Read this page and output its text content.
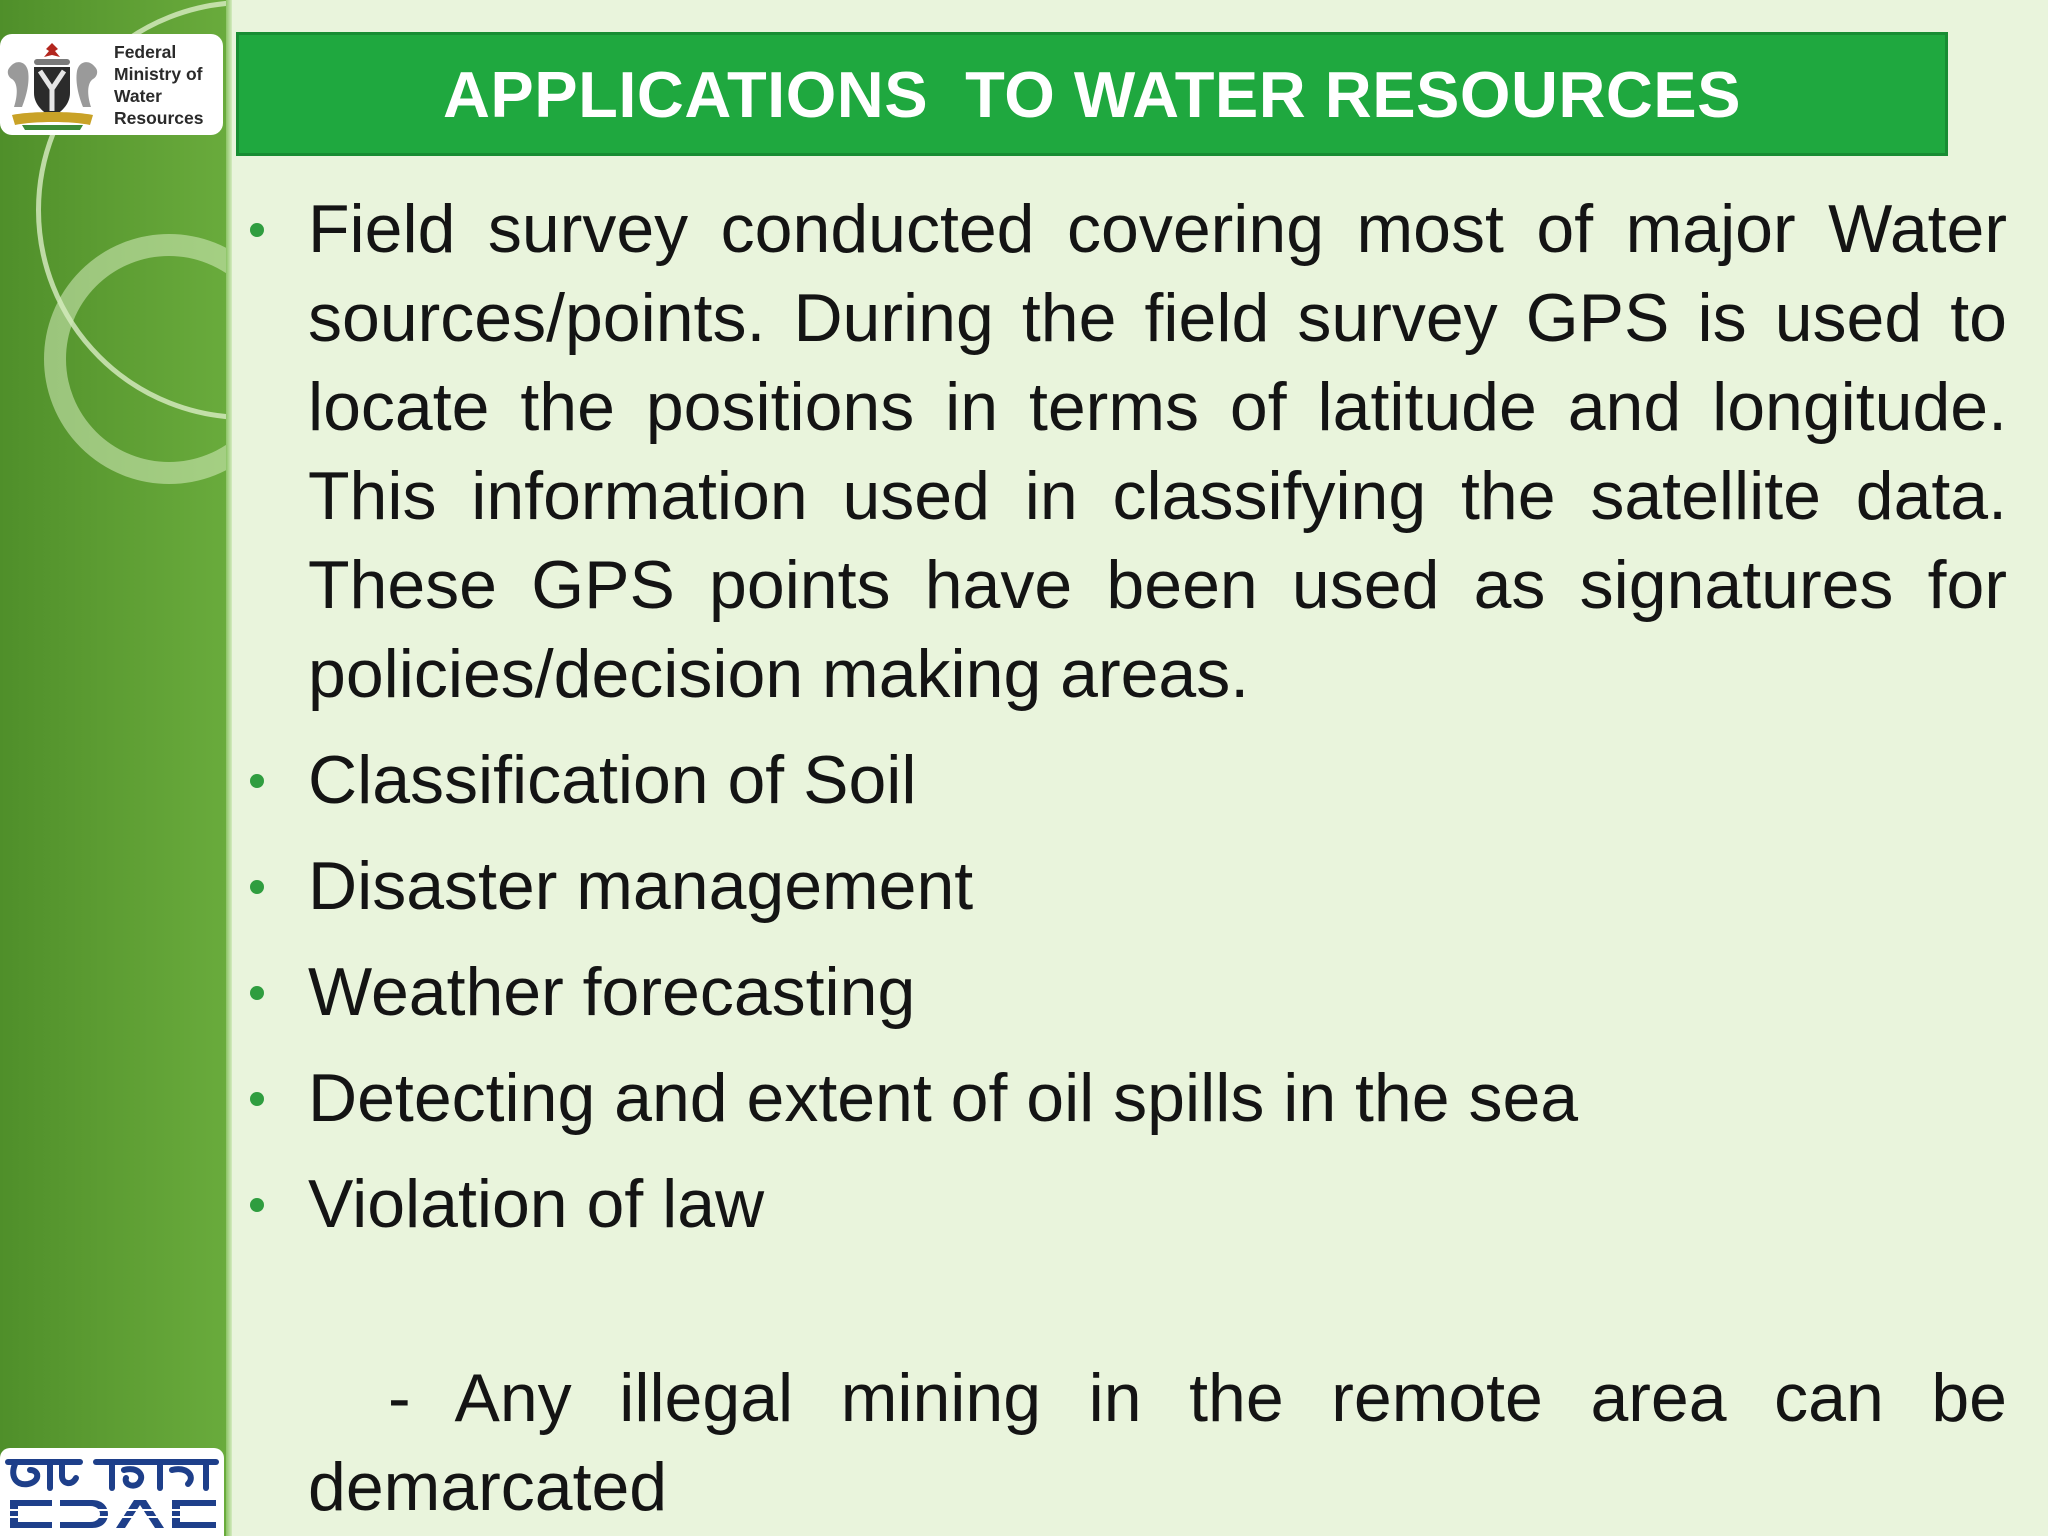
Federal
Ministry of
Water
Resources	APPLICATIONS  TO WATER RESOURCES
Field survey conducted covering most of major Water sources/points. During the field survey GPS is used to locate the positions in terms of latitude and longitude. This information used in classifying the satellite data. These GPS points have been used as signatures for policies/decision making areas.
Classification of Soil
Disaster management
Weather forecasting
Detecting and extent of oil spills in the sea
Violation of law

- Any illegal mining in the remote area can be demarcated
